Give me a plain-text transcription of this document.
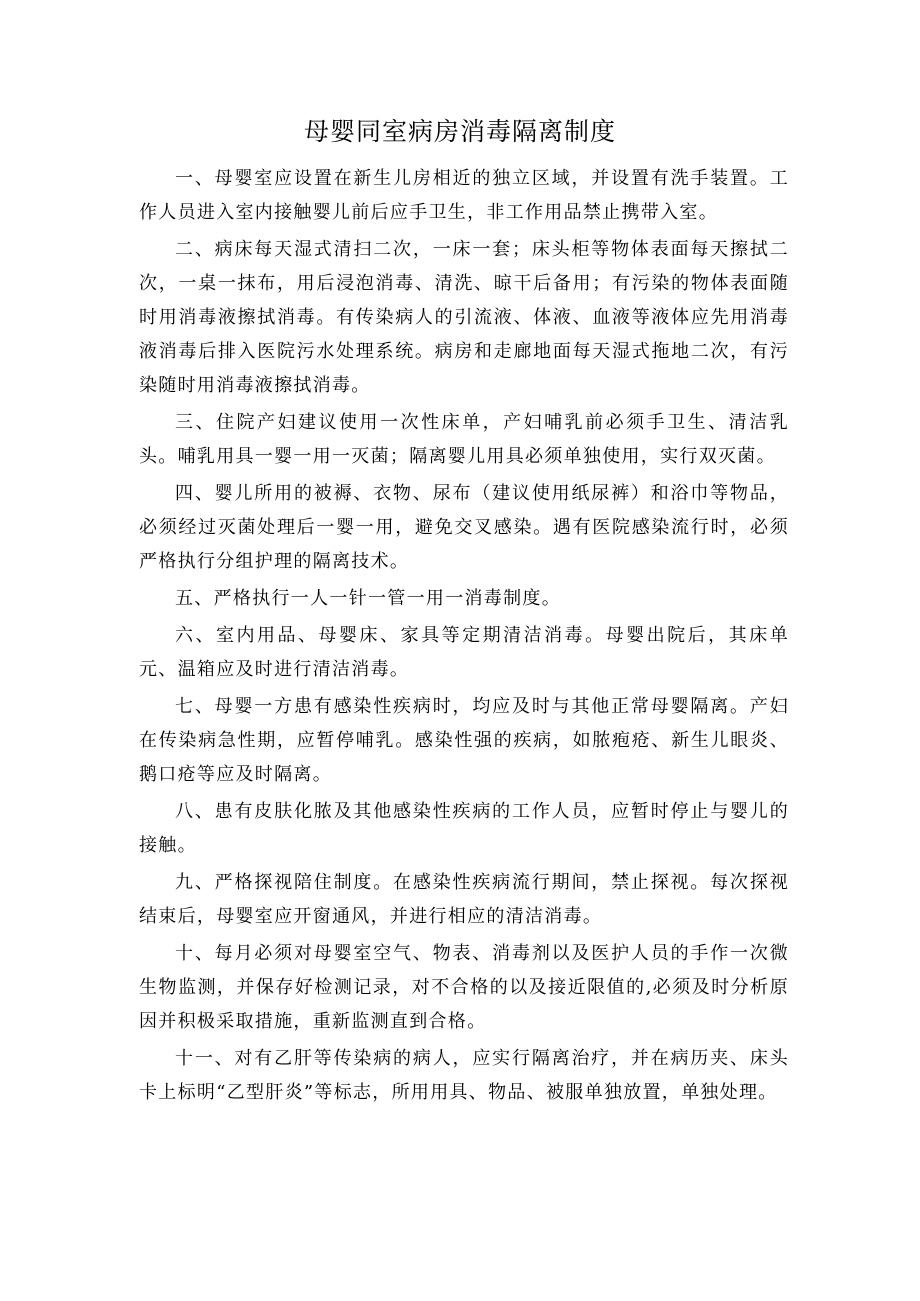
母婴同室病房消毒隔离制度

一、母婴室应设置在新生儿房相近的独立区域，并设置有洗手装置。工作人员进入室内接触婴儿前后应手卫生，非工作用品禁止携带入室。

二、病床每天湿式清扫二次，一床一套；床头柜等物体表面每天擦拭二次，一桌一抹布，用后浸泡消毒、清洗、晾干后备用；有污染的物体表面随时用消毒液擦拭消毒。有传染病人的引流液、体液、血液等液体应先用消毒液消毒后排入医院污水处理系统。病房和走廊地面每天湿式拖地二次，有污染随时用消毒液擦拭消毒。

三、住院产妇建议使用一次性床单，产妇哺乳前必须手卫生、清洁乳头。哺乳用具一婴一用一灭菌；隔离婴儿用具必须单独使用，实行双灭菌。

四、婴儿所用的被褥、衣物、尿布（建议使用纸尿裤）和浴巾等物品，必须经过灭菌处理后一婴一用，避免交叉感染。遇有医院感染流行时，必须严格执行分组护理的隔离技术。

五、严格执行一人一针一管一用一消毒制度。

六、室内用品、母婴床、家具等定期清洁消毒。母婴出院后，其床单元、温箱应及时进行清洁消毒。

七、母婴一方患有感染性疾病时，均应及时与其他正常母婴隔离。产妇在传染病急性期，应暂停哺乳。感染性强的疾病，如脓疱疮、新生儿眼炎、鹅口疮等应及时隔离。

八、患有皮肤化脓及其他感染性疾病的工作人员，应暂时停止与婴儿的接触。

九、严格探视陪住制度。在感染性疾病流行期间，禁止探视。每次探视结束后，母婴室应开窗通风，并进行相应的清洁消毒。

十、每月必须对母婴室空气、物表、消毒剂以及医护人员的手作一次微生物监测，并保存好检测记录，对不合格的以及接近限值的,必须及时分析原因并积极采取措施，重新监测直到合格。

十一、对有乙肝等传染病的病人，应实行隔离治疗，并在病历夹、床头卡上标明“乙型肝炎”等标志，所用用具、物品、被服单独放置，单独处理。
